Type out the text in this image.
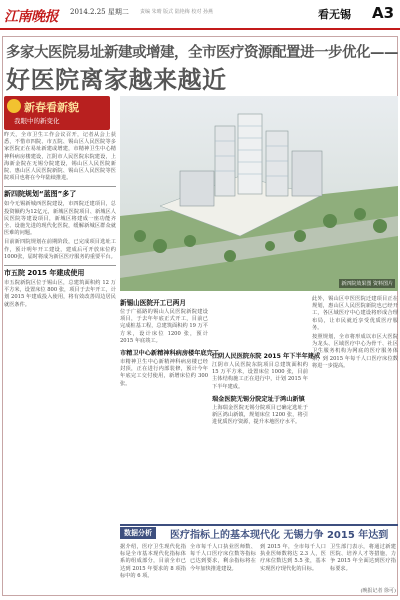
江南晚报 2014.2.25 星期二 责编 朱晴 版式 陆艳梅 校对 孙燕	看无锡 A3
多家大医院易址新建或增建，全市医疗资源配置进一步优化——
好医院离家越来越近
新春看新貌
我眼中的新变化

昨天，全市卫生工作会议召开，记者从会上获悉，不惜市四院、市五院、锡山区人民医院等多家医院正在易址新建或增建，市精神卫生中心精神科病房楼建设，江阴市人民医院东院建设，上海新金院在无锡分院建设，锡山区人民医院新院、惠山区人民医院新院、锡山区人民医院等医院项目也将在今年陆续推进。

新四院规划“蓝图”多了

如今无锡新城西医院建设，市四院迁建项目，总投资额约为12亿元，新城区医院项目、新城区人民医院等建设项目，新城区将建成一座功能齐全、设施先进的现代化医院，缓解新城区群众就医难的问题。

目前新四院规划在前期阶段，已完成项目选址工作，预计明年开工建设，建成后可开放床位约1000张，届时将成为新区医疗服务的重要平台。

市五院 2015 年建成使用

市五院新院区位于锡山区，总建筑面积约 12 万平方米，设置床位 800 张，项目于去年开工，计划 2015 年建成投入使用，将有效改善周边居民就医条件。

新四院效果图 资料图片
新锡山医院开工已两月

位于广福路的锡山人民医院新院建设项目，于去年年底正式开工，目前已完成桩基工程，总建筑面积约 19 万平方米，设计床位 1200 张，预计 2015 年底竣工。

市精卫中心新精神科病房楼年底完工

市精神卫生中心新精神科病房楼已经封顶，正在进行内部装修，预计今年年底完工交付使用，新增床位约 300 张。

江阴人民医院东院 2015 年下半年建成

江阴市人民医院东院项目总建筑面积约 15 万平方米，设置床位 1000 张，目前主体结构施工正在进行中，计划 2015 年下半年建成。

瑞金医院无锡分院定址于鸿山新镇

上海瑞金医院无锡分院项目已确定选址于新区鸿山新镇，规划床位 1200 张，将引进优质医疗资源，提升本地医疗水平。

此外，锡山区中医医院迁建项目正在规划，惠山区人民医院新院也已经开工，各区域医疗中心建设将形成合理布局，让市民就近享受优质医疗服务。

按照规划，全市将形成以市区大医院为龙头、区域医疗中心为骨干、社区卫生服务机构为网底的医疗服务体系，到 2015 年每千人口医疗床位数将进一步提高。

数据分析	医疗指标上的基本现代化 无锡力争 2015 年达到

据介绍，医疗卫生现代化指标是全市基本现代化指标体系的组成部分，目前全市已达到 2015 年要求的 8 项指标中的 6 项。

全市每千人口执业医师数、每千人口医疗床位数等指标已达到要求，剩余指标将在今年加快推进建设。

到 2015 年，全市每千人口执业医师数将达 2.3 人，医疗床位数达到 5.5 张，基本实现医疗现代化的目标。

卫生部门表示，将通过新建医院、培养人才等措施，力争 2015 年全面达到医疗指标要求。

(晚报记者 徐可)
